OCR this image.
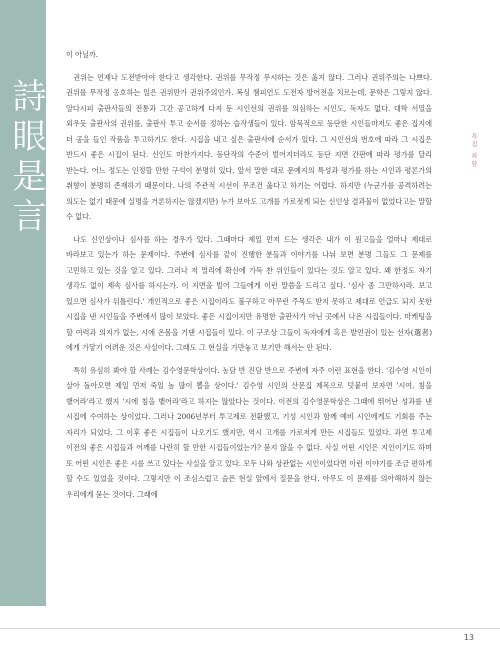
詩眼是言	특집 좌담

이 아닐까.

권위는 언제나 도전받아야 한다고 생각한다. 권위를 무작정 무시하는 것은 옳지 않다. 그러나 권위주의는 나쁘다. 권위를 무작정 옹호하는 일은 권위만가 권위주의인가. 복싱 챔피언도 도전자 방어전을 치르는데, 문학은 그렇지 않다. 알다시피 출판사들의 전통과 그간 공고하게 다져 둔 시인선의 권위를 의심하는 시인도, 독자도 없다. 대학 서열을 외우듯 출판사의 권위를, 출판사 투고 순서를 정하는 습작생들이 있다. 암묵적으로 등단한 시인들마저도 좋은 집지에 더 공을 들인 작품을 투고하기도 한다. 시집을 내고 싶은 출판사에 순서가 있다. 그 시인선의 번호에 따라 그 시집은 반드시 좋은 시집이 된다. 신인도 마찬가지다. 등단작의 수준이 벌어지더라도 등단 지면 간판에 따라 평가를 달리 받는다. 어느 정도는 인정할 만한 구석이 분명히 있다. 앞서 말한 대로 문예지의 특성과 평가를 하는 시인과 평론가의 취향이 분명히 존재하기 때문이다. 나의 주관적 시선이 무조건 옳다고 하기는 어렵다. 하지만 (누군가를 공격하려는 의도는 없기 때문에 실명을 거론하지는 않겠지만) 누가 보아도 고개를 가로젓게 되는 신인상 결과물이 없었다고는 말할 수 없다.

나도 신인상이나 심사를 하는 경우가 있다. 그때마다 제일 먼저 드는 생각은 내가 이 원고들을 얼마나 제대로 바라보고 있는가 하는 문제이다. 주변에 심사를 같이 진행한 분들과 이야기를 나눠 보면 분명 그들도 그 문제를 고민하고 있는 것을 알고 있다. 그러나 저 멀리에 확신에 가득 찬 위인들이 있다는 것도 알고 있다. 왜 한정도 자기 생각도 없이 제속 심사를 하시는가. 이 지면을 빌어 그들에게 이런 말씀을 드리고 싶다. '심사 좀 그만하시라. 보고 있으면 심사가 뒤틀린다.' 개인적으로 좋은 시집이라도 불구하고 아무런 주목도 받지 못하고 제대로 언급도 되지 못한 시집을 낸 시인들을 주변에서 많이 보았다. 좋은 시집이지만 유명한 출판사가 아닌 곳에서 나온 시집들이다. 마케팅을 할 여력과 의지가 없는, 시에 온몸을 기댄 시집들이 있다. 이 구조상 그들이 독자에게 혹은 발언권이 있는 선자(選者)에게 가닿기 어려운 것은 사실이다. 그래도 그 현실을 가만놓고 보기만 해서는 안 된다.

특히 유심히 봐야 할 사례는 김수영문학상이다. 농담 반 진담 반으로 주변에 자주 이런 표현을 한다. '김수영 시인이 살아 돌아오면 제일 먼저 죽일 놈 많이 뽑을 상이다.' 김수영 시인의 산문집 제목으로 덧붙여 보자면 '시여, 침을 뱉어라'라고 했지 '시에 침을 뱉어라'라고 하지는 않았다는 것이다. 이전의 김수영문학상은 그때에 뛰어난 성과를 낸 시집에 수여하는 상이었다. 그러나 2006년부터 투고제로 전환했고, 기성 시인과 함께 예비 시인에게도 기회를 주는 자리가 되었다. 그 이후 좋은 시집들이 나오기도 했지만, 역시 고개를 가로저게 만든 시집들도 있었다. 과연 투고제 이전의 좋은 시집들과 어깨를 나란히 할 만한 시집들이었는가? 묻지 않을 수 없다. 사실 어떤 시인은 지인이기도 하며 또 어떤 시인은 좋은 시를 쓰고 있다는 사실을 알고 있다. 모두 나와 상관없는 시인이었다면 이런 이야기를 조금 편하게 할 수도 있었을 것이다. 그렇지만 이 조심스럽고 슬픈 현실 앞에서 질문을 한다. 아무도 이 문제를 의아해하지 않는 우리에게 묻는 것이다. 그래에

13
